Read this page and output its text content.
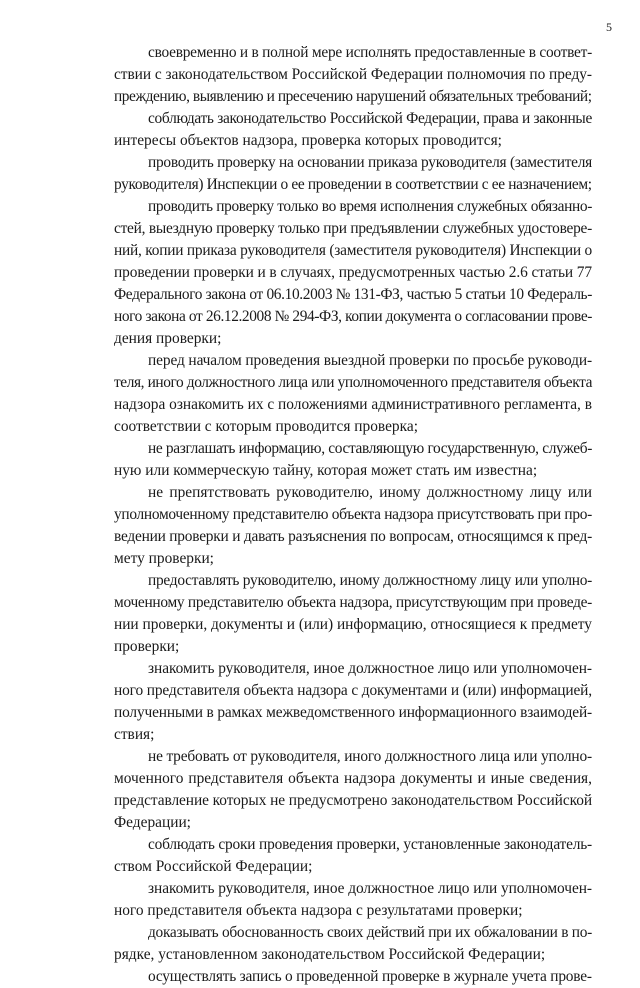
5

своевременно и в полной мере исполнять предоставленные в соответ-
ствии с законодательством Российской Федерации полномочия по преду-
преждению, выявлению и пресечению нарушений обязательных требований;

соблюдать законодательство Российской Федерации, права и законные
интересы объектов надзора, проверка которых проводится;

проводить проверку на основании приказа руководителя (заместителя
руководителя) Инспекции о ее проведении в соответствии с ее назначением;

проводить проверку только во время исполнения служебных обязанно-
стей, выездную проверку только при предъявлении служебных удостовере-
ний, копии приказа руководителя (заместителя руководителя) Инспекции о
проведении проверки и в случаях, предусмотренных частью 2.6 статьи 77
Федерального закона от 06.10.2003 № 131-ФЗ, частью 5 статьи 10 Федераль-
ного закона от 26.12.2008 № 294-ФЗ, копии документа о согласовании прове-
дения проверки;

перед началом проведения выездной проверки по просьбе руководи-
теля, иного должностного лица или уполномоченного представителя объекта
надзора ознакомить их с положениями административного регламента, в
соответствии с которым проводится проверка;

не разглашать информацию, составляющую государственную, служеб-
ную или коммерческую тайну, которая может стать им известна;

не препятствовать руководителю, иному должностному лицу или
уполномоченному представителю объекта надзора присутствовать при про-
ведении проверки и давать разъяснения по вопросам, относящимся к пред-
мету проверки;

предоставлять руководителю, иному должностному лицу или уполно-
моченному представителю объекта надзора, присутствующим при проведе-
нии проверки, документы и (или) информацию, относящиеся к предмету
проверки;

знакомить руководителя, иное должностное лицо или уполномочен-
ного представителя объекта надзора с документами и (или) информацией,
полученными в рамках межведомственного информационного взаимодей-
ствия;

не требовать от руководителя, иного должностного лица или уполно-
моченного представителя объекта надзора документы и иные сведения,
представление которых не предусмотрено законодательством Российской
Федерации;

соблюдать сроки проведения проверки, установленные законодатель-
ством Российской Федерации;

знакомить руководителя, иное должностное лицо или уполномочен-
ного представителя объекта надзора с результатами проверки;

доказывать обоснованность своих действий при их обжаловании в по-
рядке, установленном законодательством Российской Федерации;

осуществлять запись о проведенной проверке в журнале учета прове-
